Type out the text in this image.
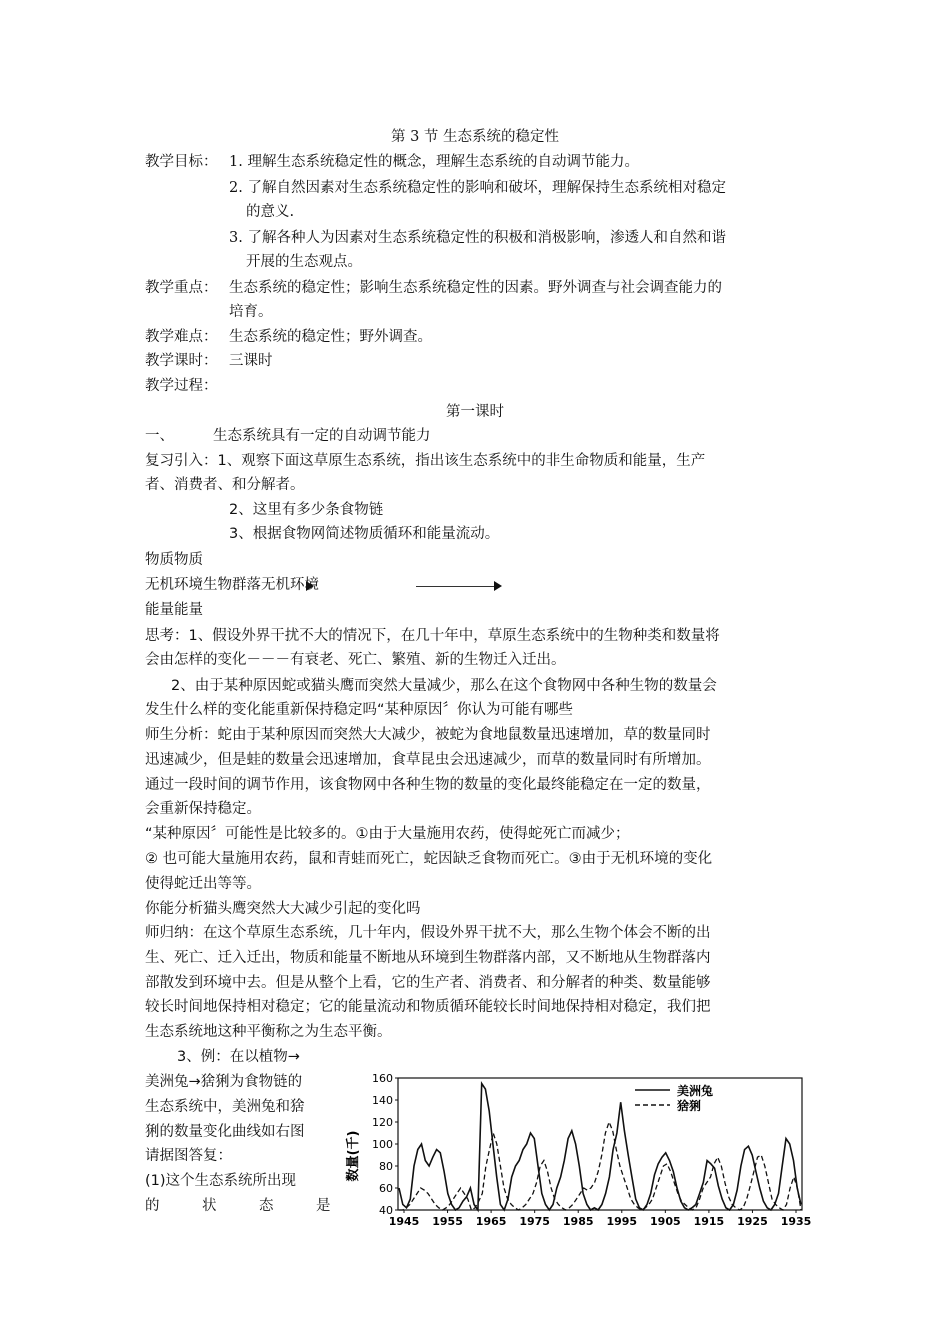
第 3 节 生态系统的稳定性
教学目标： 1. 理解生态系统稳定性的概念，理解生态系统的自动调节能力。
2. 了解自然因素对生态系统稳定性的影响和破坏，理解保持生态系统相对稳定
的意义.
3. 了解各种人为因素对生态系统稳定性的积极和消极影响，渗透人和自然和谐
开展的生态观点。
教学重点： 生态系统的稳定性；影响生态系统稳定性的因素。野外调查与社会调查能力的
培育。
教学难点： 生态系统的稳定性；野外调查。
教学课时： 三课时
教学过程：
第一课时
一、	生态系统具有一定的自动调节能力
复习引入：1、观察下面这草原生态系统，指出该生态系统中的非生命物质和能量，生产
者、消费者、和分解者。
2、这里有多少条食物链
3、根据食物网简述物质循环和能量流动。
物质物质
无机环境生物群落无机环境
能量能量
思考：1、假设外界干扰不大的情况下，在几十年中，草原生态系统中的生物种类和数量将
会由怎样的变化－－－有衰老、死亡、繁殖、新的生物迁入迁出。
2、由于某种原因蛇或猫头鹰而突然大量减少，那么在这个食物网中各种生物的数量会
发生什么样的变化能重新保持稳定吗“某种原因〞你认为可能有哪些
师生分析：蛇由于某种原因而突然大大减少，被蛇为食地鼠数量迅速增加，草的数量同时
迅速减少，但是蛙的数量会迅速增加，食草昆虫会迅速减少，而草的数量同时有所增加。
通过一段时间的调节作用，该食物网中各种生物的数量的变化最终能稳定在一定的数量，
会重新保持稳定。
“某种原因〞可能性是比较多的。①由于大量施用农药，使得蛇死亡而减少；
② 也可能大量施用农药，鼠和青蛙而死亡，蛇因缺乏食物而死亡。③由于无机环境的变化
使得蛇迁出等等。
你能分析猫头鹰突然大大减少引起的变化吗
师归纳：在这个草原生态系统，几十年内，假设外界干扰不大，那么生物个体会不断的出
生、死亡、迁入迁出，物质和能量不断地从环境到生物群落内部，又不断地从生物群落内
部散发到环境中去。但是从整个上看，它的生产者、消费者、和分解者的种类、数量能够
较长时间地保持相对稳定；它的能量流动和物质循环能较长时间地保持相对稳定，我们把
生态系统地这种平衡称之为生态平衡。
3、例：在以植物→
美洲兔→猞猁为食物链的
生态系统中，美洲兔和猞
猁的数量变化曲线如右图
请据图答复：
(1)这个生态系统所出现
的	状	态	是
160
140
120
100
80
60
40
1945 1955 1965 1975 1985 1995 1905 1915 1925 1935
美洲兔
猞猁
数量(千)
